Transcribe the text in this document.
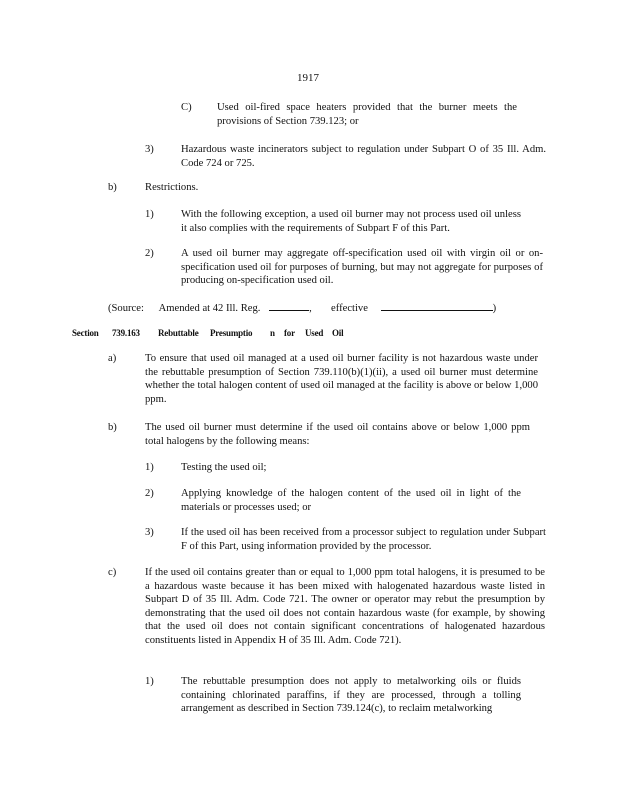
1917
C) Used oil-fired space heaters provided that the burner meets the provisions of Section 739.123; or
3)	Hazardous waste incinerators subject to regulation under Subpart O of 35 Ill. Adm. Code 724 or 725.
b)	Restrictions.
1)	With the following exception, a used oil burner may not process used oil unless it also complies with the requirements of Subpart F of this Part.
2)	A used oil burner may aggregate off-specification used oil with virgin oil or on-specification used oil for purposes of burning, but may not aggregate for purposes of producing on-specification used oil.
(Source: Amended at 42 Ill. Reg.	, effective	)
Section 739.163 Rebuttable Presumptio n for Used Oil
a)	To ensure that used oil managed at a used oil burner facility is not hazardous waste under the rebuttable presumption of Section 739.110(b)(1)(ii), a used oil burner must determine whether the total halogen content of used oil managed at the facility is above or below 1,000 ppm.
b)	The used oil burner must determine if the used oil contains above or below 1,000 ppm total halogens by the following means:
1)	Testing the used oil;
2)	Applying knowledge of the halogen content of the used oil in light of the materials or processes used; or
3)	If the used oil has been received from a processor subject to regulation under Subpart F of this Part, using information provided by the processor.
c)	If the used oil contains greater than or equal to 1,000 ppm total halogens, it is presumed to be a hazardous waste because it has been mixed with halogenated hazardous waste listed in Subpart D of 35 Ill. Adm. Code 721. The owner or operator may rebut the presumption by demonstrating that the used oil does not contain hazardous waste (for example, by showing that the used oil does not contain significant concentrations of halogenated hazardous constituents listed in Appendix H of 35 Ill. Adm. Code 721).
1)	The rebuttable presumption does not apply to metalworking oils or fluids containing chlorinated paraffins, if they are processed, through a tolling arrangement as described in Section 739.124(c), to reclaim metalworking
